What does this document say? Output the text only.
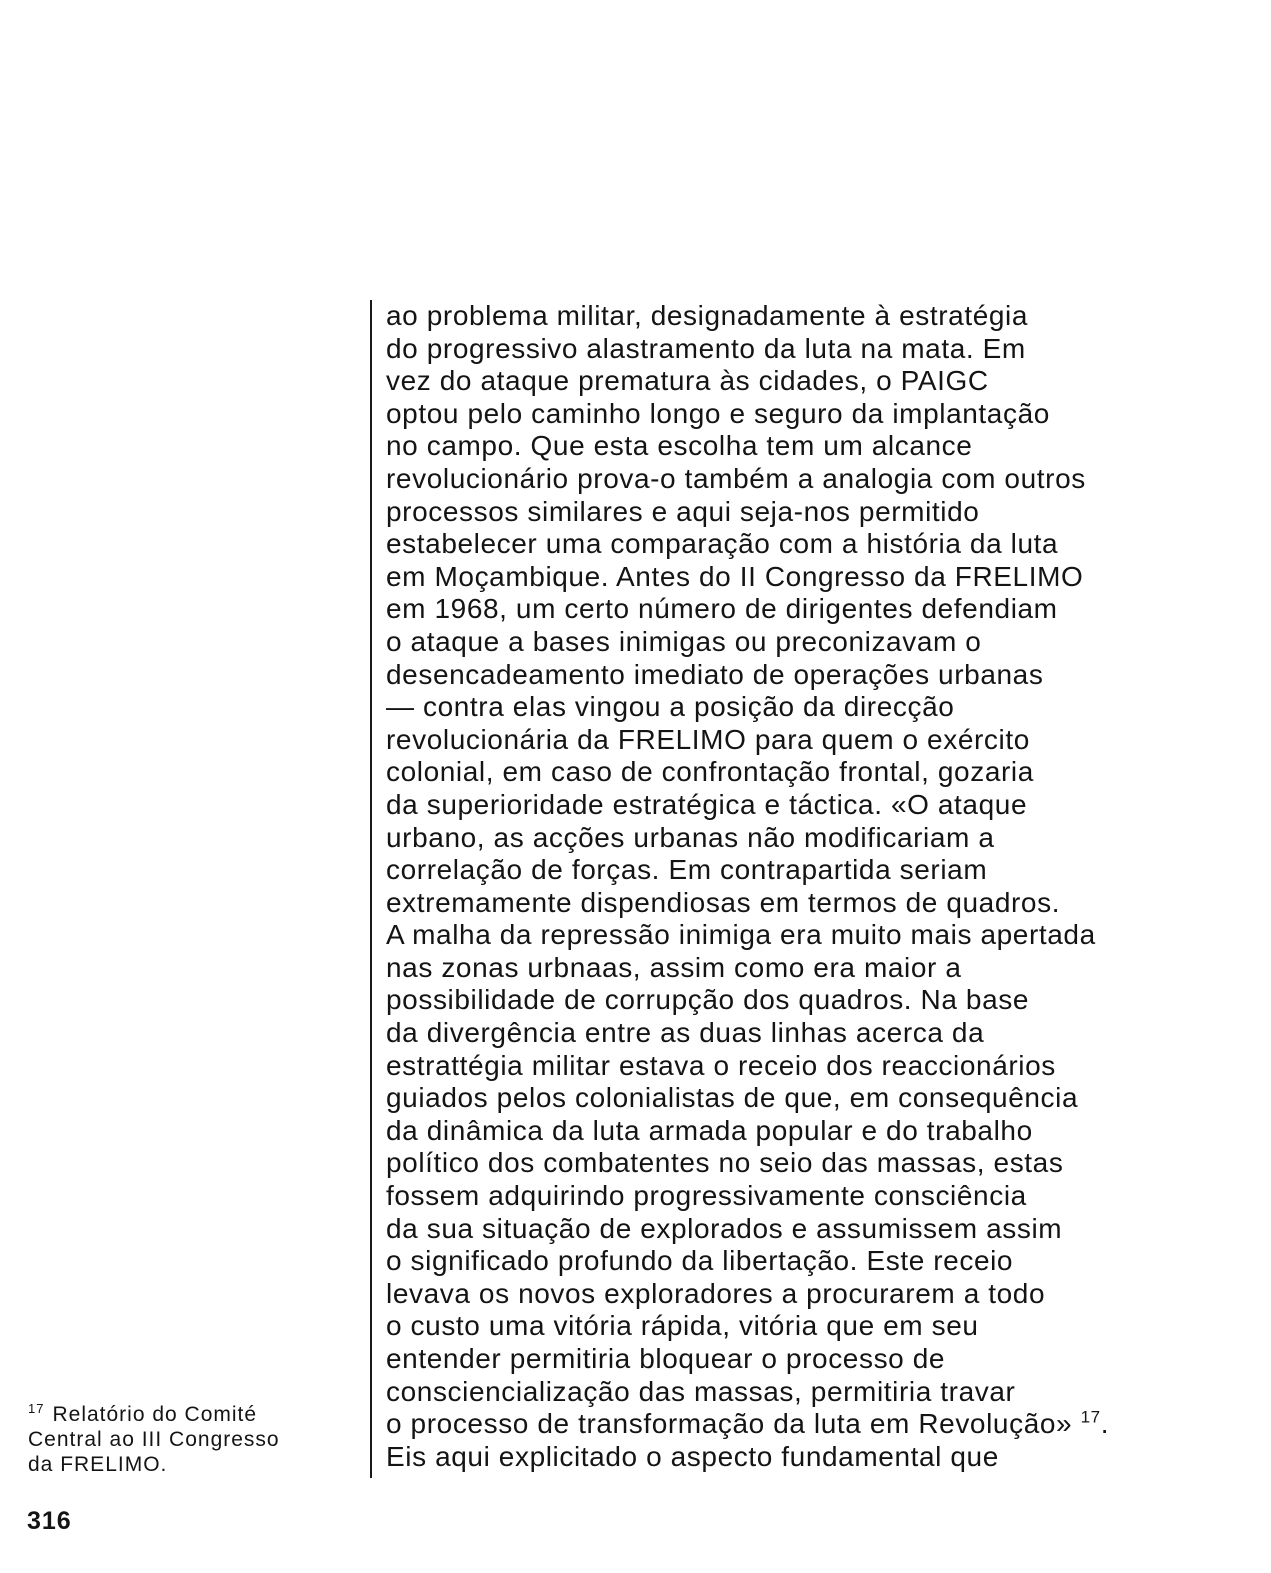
ao problema militar, designadamente à estratégia
do progressivo alastramento da luta na mata. Em
vez do ataque prematura às cidades, o PAIGC
optou pelo caminho longo e seguro da implantação
no campo. Que esta escolha tem um alcance
revolucionário prova-o também a analogia com outros
processos similares e aqui seja-nos permitido
estabelecer uma comparação com a história da luta
em Moçambique. Antes do II Congresso da FRELIMO
em 1968, um certo número de dirigentes defendiam
o ataque a bases inimigas ou preconizavam o
desencadeamento imediato de operações urbanas
— contra elas vingou a posição da direcção
revolucionária da FRELIMO para quem o exército
colonial, em caso de confrontação frontal, gozaria
da superioridade estratégica e táctica. «O ataque
urbano, as acções urbanas não modificariam a
correlação de forças. Em contrapartida seriam
extremamente dispendiosas em termos de quadros.
A malha da repressão inimiga era muito mais apertada
nas zonas urbnaas, assim como era maior a
possibilidade de corrupção dos quadros. Na base
da divergência entre as duas linhas acerca da
estrattégia militar estava o receio dos reaccionários
guiados pelos colonialistas de que, em consequência
da dinâmica da luta armada popular e do trabalho
político dos combatentes no seio das massas, estas
fossem adquirindo progressivamente consciência
da sua situação de explorados e assumissem assim
o significado profundo da libertação. Este receio
levava os novos exploradores a procurarem a todo
o custo uma vitória rápida, vitória que em seu
entender permitiria bloquear o processo de
consciencialização das massas, permitiria travar
o processo de transformação da luta em Revolução» $^{17}$.
Eis aqui explicitado o aspecto fundamental que
$^{17}$ Relatório do Comité
Central ao III Congresso
da FRELIMO.
316
